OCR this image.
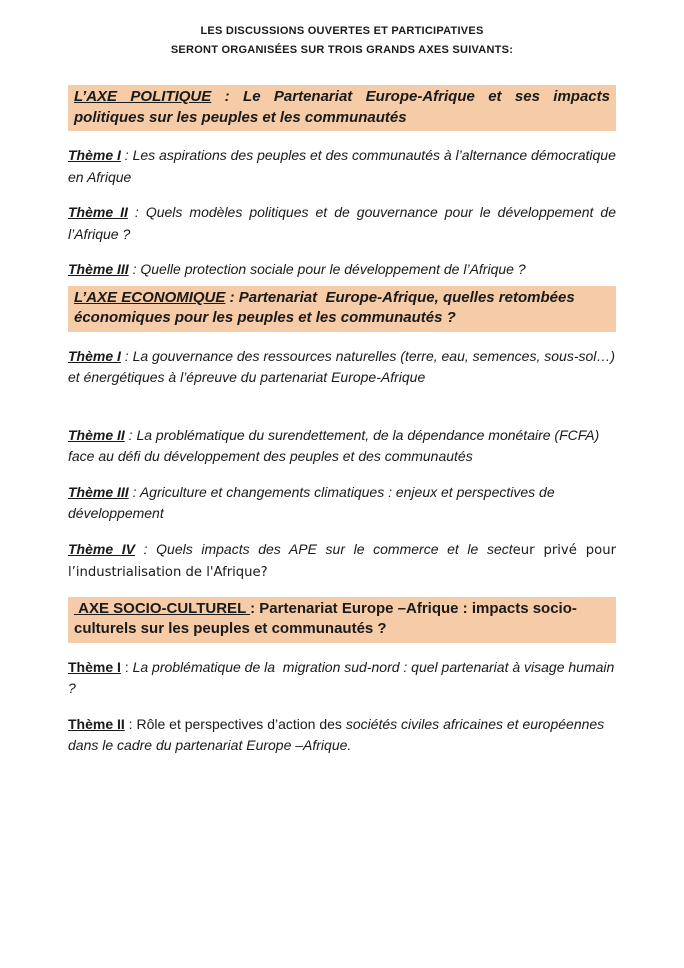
LES DISCUSSIONS OUVERTES ET PARTICIPATIVES
SERONT ORGANISÉES SUR TROIS GRANDS AXES SUIVANTS:
L’AXE POLITIQUE : Le Partenariat Europe-Afrique et ses impacts politiques sur les peuples et les communautés

Thème I : Les aspirations des peuples et des communautés à l’alternance démocratique en Afrique

Thème II : Quels modèles politiques et de gouvernance pour le développement de l’Afrique ?

Thème III : Quelle protection sociale pour le développement de l’Afrique ?

L’AXE ECONOMIQUE : Partenariat  Europe-Afrique, quelles retombées économiques pour les peuples et les communautés ?

Thème I : La gouvernance des ressources naturelles (terre, eau, semences, sous-sol…) et énergétiques à l’épreuve du partenariat Europe-Afrique

Thème II : La problématique du surendettement, de la dépendance monétaire (FCFA) face au défi du développement des peuples et des communautés

Thème III : Agriculture et changements climatiques : enjeux et perspectives de développement

Thème IV : Quels impacts des APE sur le commerce et le secteur privé pour l’industrialisation de l'Afrique?

AXE SOCIO-CULTUREL : Partenariat Europe –Afrique : impacts socio-culturels sur les peuples et communautés ?

Thème I : La problématique de la  migration sud-nord : quel partenariat à visage humain ?

Thème II : Rôle et perspectives d’action des sociétés civiles africaines et européennes dans le cadre du partenariat Europe –Afrique.
